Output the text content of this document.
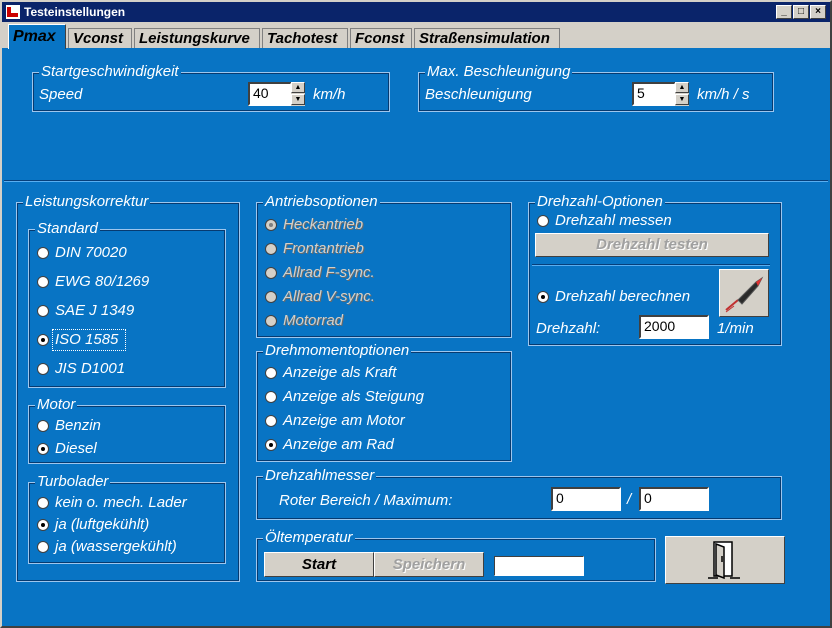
Testeinstellungen	_	□	×
Pmax	Vconst	Leistungskurve	Tachotest	Fconst Straßensimulation
Startgeschwindigkeit
Speed	40	▲
▼ km/h
Max. Beschleunigung
Beschleunigung	5	▲
▼ km/h / s
Leistungskorrektur
Standard
DIN 70020
EWG 80/1269
SAE J 1349
ISO 1585
JIS D1001
Motor
Benzin
Diesel
Turbolader
kein o. mech. Lader
ja (luftgekühlt)
ja (wassergekühlt)
Antriebsoptionen
Heckantrieb
Frontantrieb
Allrad F-sync.
Allrad V-sync.
Motorrad
Drehmomentoptionen
Anzeige als Kraft
Anzeige als Steigung
Anzeige am Motor
Anzeige am Rad
Drehzahl-Optionen
Drehzahl messen
Drehzahl testen
Drehzahl berechnen
Drehzahl:	2000	1/min
Drehzahlmesser
Roter Bereich / Maximum:	0	/ 0
Öltemperatur
Start	Speichern
